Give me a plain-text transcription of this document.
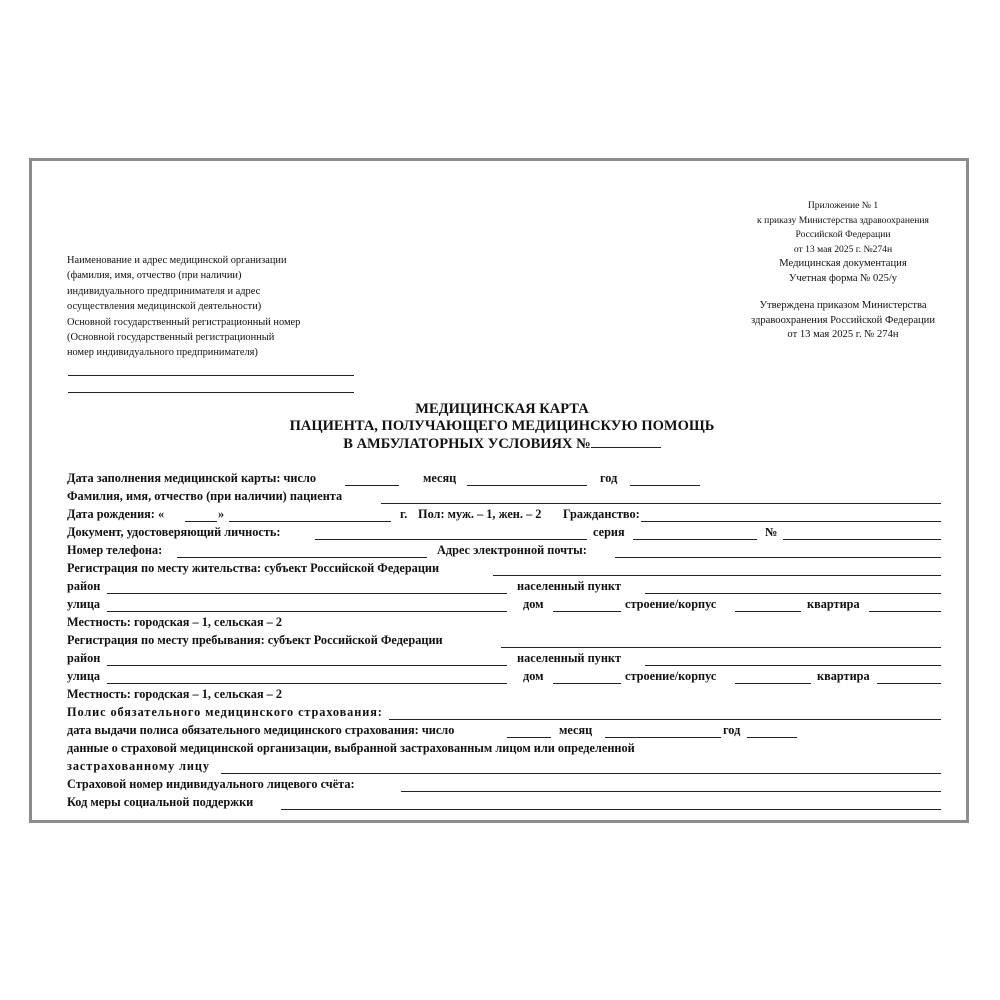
Приложение № 1
к приказу Министерства здравоохранения
Российской Федерации
от 13 мая 2025 г. №274н
Медицинская документация
Учетная форма № 025/у
Утверждена приказом Министерства
здравоохранения Российской Федерации
от 13 мая 2025 г. № 274н
Наименование и адрес медицинской организации
(фамилия, имя, отчество (при наличии)
индивидуального предпринимателя и адрес
осуществления медицинской деятельности)
Основной государственный регистрационный номер
(Основной государственный регистрационный
номер индивидуального предпринимателя)
МЕДИЦИНСКАЯ КАРТА
ПАЦИЕНТА, ПОЛУЧАЮЩЕГО МЕДИЦИНСКУЮ ПОМОЩЬ
В АМБУЛАТОРНЫХ УСЛОВИЯХ №
Дата заполнения медицинской карты: число	месяц	год
Фамилия, имя, отчество (при наличии) пациента
Дата рождения: «	»	г. Пол: муж. – 1, жен. – 2 Гражданство:
Документ, удостоверяющий личность:	серия	№
Номер телефона:	Адрес электронной почты:
Регистрация по месту жительства: субъект Российской Федерации
район	населенный пункт
улица	дом	строение/корпус	квартира
Местность: городская – 1, сельская – 2
Регистрация по месту пребывания: субъект Российской Федерации
район	населенный пункт
улица	дом	строение/корпус	квартира
Местность: городская – 1, сельская – 2
Полис обязательного медицинского страхования:
дата выдачи полиса обязательного медицинского страхования: число	месяц	год
данные о страховой медицинской организации, выбранной застрахованным лицом или определенной
застрахованному лицу
Страховой номер индивидуального лицевого счёта:
Код меры социальной поддержки
